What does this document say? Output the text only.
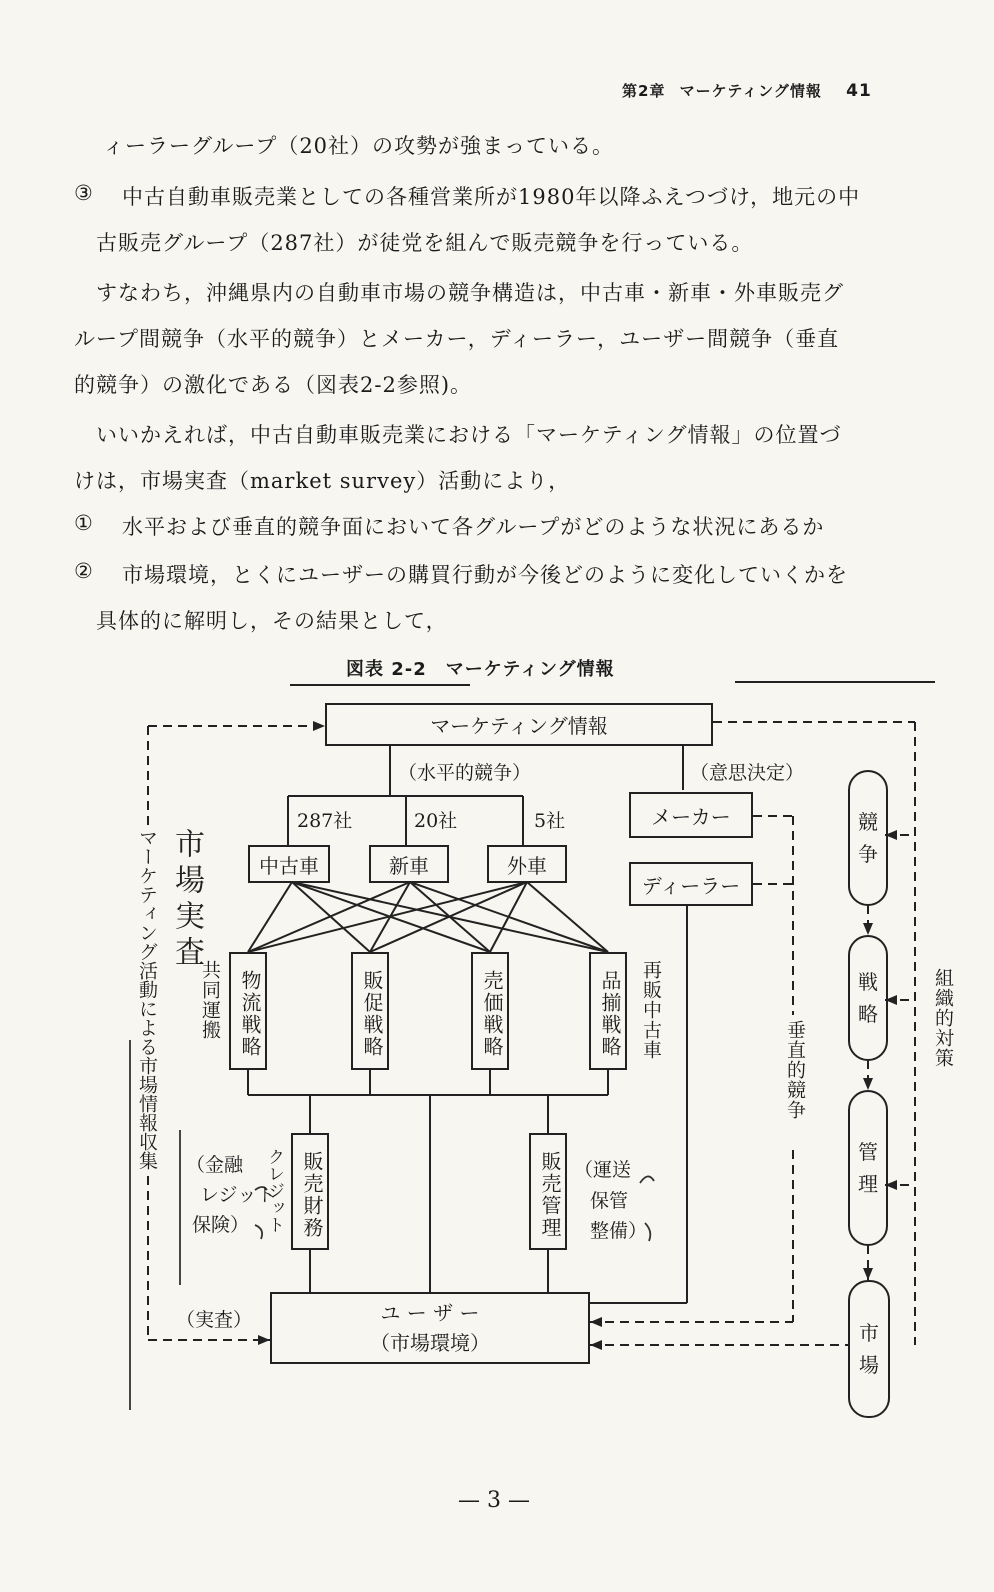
第2章 マーケティング情報 41
ィーラーグループ（20社）の攻勢が強まっている。
③ 中古自動車販売業としての各種営業所が1980年以降ふえつづけ，地元の中
古販売グループ（287社）が徒党を組んで販売競争を行っている。
すなわち，沖縄県内の自動車市場の競争構造は，中古車・新車・外車販売グ
ループ間競争（水平的競争）とメーカー，ディーラー，ユーザー間競争（垂直
的競争）の激化である（図表2-2参照)。
いいかえれば，中古自動車販売業における「マーケティング情報」の位置づ
けは，市場実査（market survey）活動により，
① 水平および垂直的競争面において各グループがどのような状況にあるか
② 市場環境，とくにユーザーの購買行動が今後どのように変化していくかを
具体的に解明し，その結果として，
図表 2-2　マーケティング情報
マーケティング情報
（水平的競争）	（意思決定）
287社	20社	5社
中古車	新車	外車
メーカー
ディーラー
物流戦略	販促戦略	売価戦略	品揃戦略
共同運搬	再販中古車
販売財務	販売管理
（金融
レジット
保険）
（運送
保管
整備）
ユ ー ザ ー
（市場環境）
（実査）
垂直的競争
組織的対策
競
争
戦
略
管
理
市
場
マーケティング活動による市場情報収集 市場実査
クレジット
— 3 —
